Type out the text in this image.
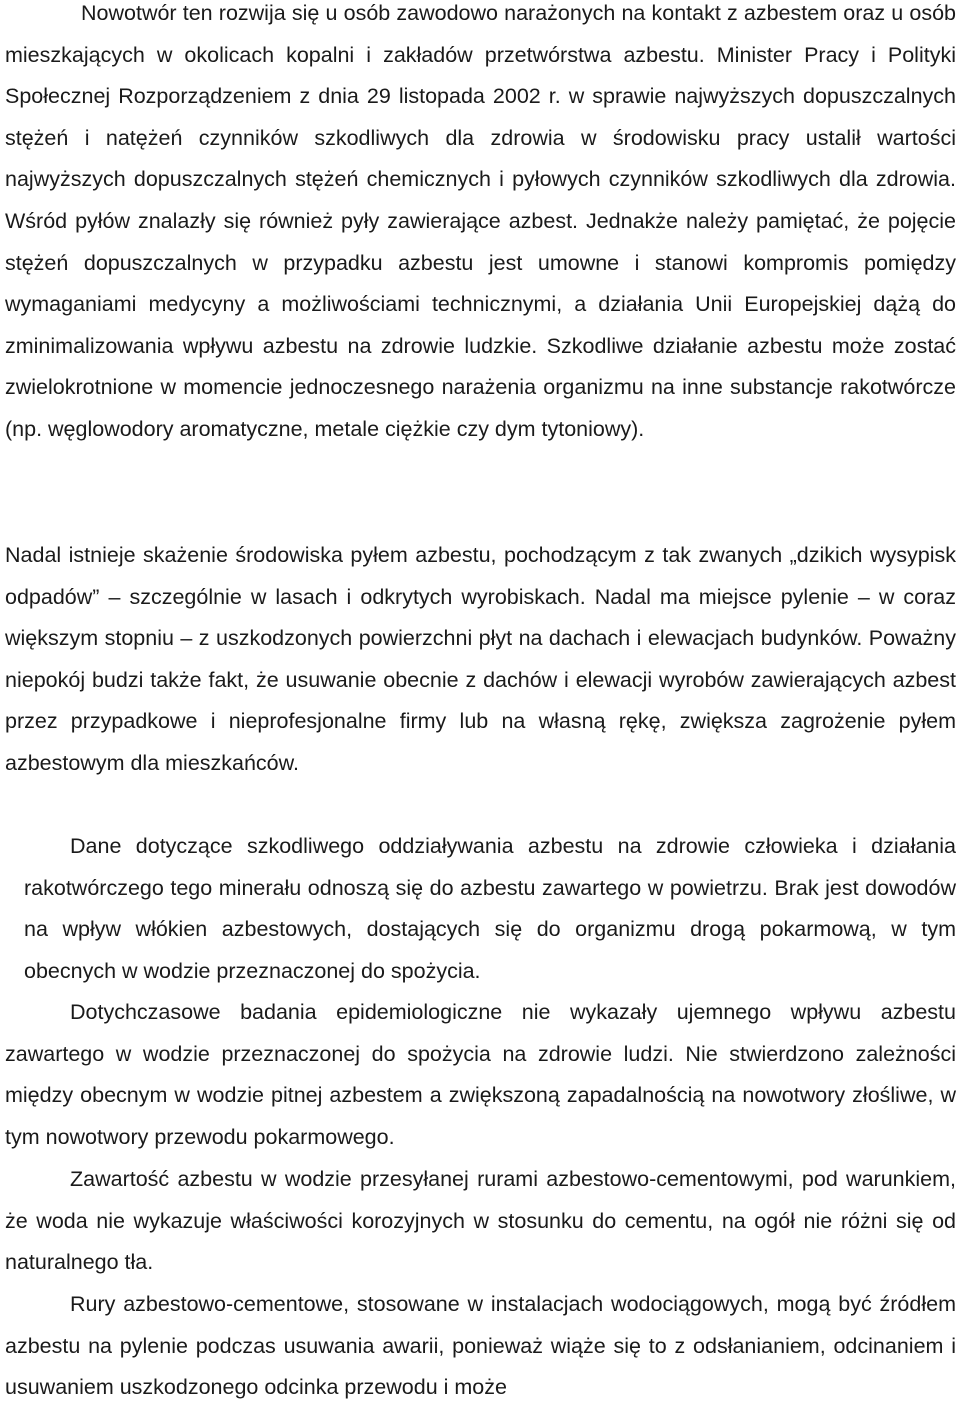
Nowotwór ten rozwija się u osób zawodowo narażonych na kontakt z azbestem oraz u osób mieszkających w okolicach kopalni i zakładów przetwórstwa azbestu. Minister Pracy i Polityki Społecznej Rozporządzeniem z dnia 29 listopada 2002 r. w sprawie najwyższych dopuszczalnych stężeń i natężeń czynników szkodliwych dla zdrowia w środowisku pracy ustalił wartości najwyższych dopuszczalnych stężeń chemicznych i pyłowych czynników szkodliwych dla zdrowia. Wśród pyłów znalazły się również pyły zawierające azbest. Jednakże należy pamiętać, że pojęcie stężeń dopuszczalnych w przypadku azbestu jest umowne i stanowi kompromis pomiędzy wymaganiami medycyny a możliwościami technicznymi, a działania Unii Europejskiej dążą do zminimalizowania wpływu azbestu na zdrowie ludzkie. Szkodliwe działanie azbestu może zostać zwielokrotnione w momencie jednoczesnego narażenia organizmu na inne substancje rakotwórcze (np. węglowodory aromatyczne, metale ciężkie czy dym tytoniowy).

Nadal istnieje skażenie środowiska pyłem azbestu, pochodzącym z tak zwanych „dzikich wysypisk odpadów” – szczególnie w lasach i odkrytych wyrobiskach. Nadal ma miejsce pylenie – w coraz większym stopniu – z uszkodzonych powierzchni płyt na dachach i elewacjach budynków. Poważny niepokój budzi także fakt, że usuwanie obecnie z dachów i elewacji wyrobów zawierających azbest przez przypadkowe i nieprofesjonalne firmy lub na własną rękę, zwiększa zagrożenie pyłem azbestowym dla mieszkańców.

Dane dotyczące szkodliwego oddziaływania azbestu na zdrowie człowieka i działania rakotwórczego tego minerału odnoszą się do azbestu zawartego w powietrzu. Brak jest dowodów na wpływ włókien azbestowych, dostających się do organizmu drogą pokarmową, w tym obecnych w wodzie przeznaczonej do spożycia.

Dotychczasowe badania epidemiologiczne nie wykazały ujemnego wpływu azbestu zawartego w wodzie przeznaczonej do spożycia na zdrowie ludzi. Nie stwierdzono zależności między obecnym w wodzie pitnej azbestem a zwiększoną zapadalnością na nowotwory złośliwe, w tym nowotwory przewodu pokarmowego.

Zawartość azbestu w wodzie przesyłanej rurami azbestowo-cementowymi, pod warunkiem, że woda nie wykazuje właściwości korozyjnych w stosunku do cementu, na ogół nie różni się od naturalnego tła.

Rury azbestowo-cementowe, stosowane w instalacjach wodociągowych, mogą być źródłem azbestu na pylenie podczas usuwania awarii, ponieważ wiąże się to z odsłanianiem, odcinaniem i usuwaniem uszkodzonego odcinka przewodu i może
